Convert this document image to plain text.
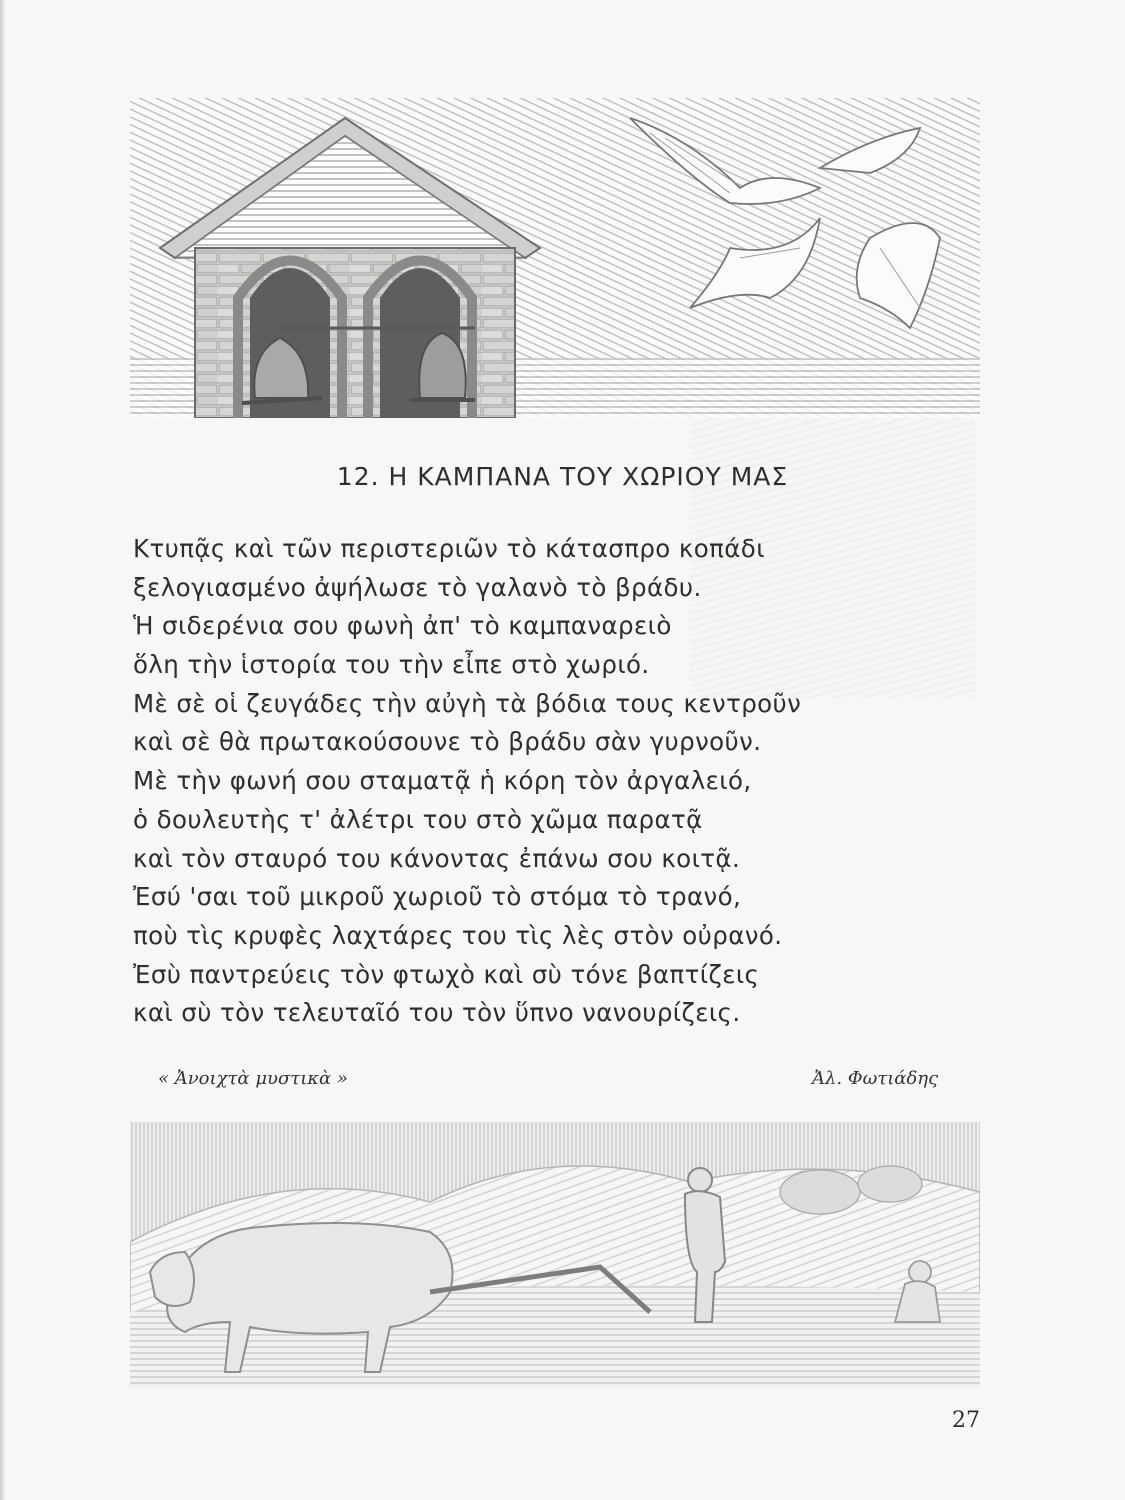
12. Η ΚΑΜΠΑΝΑ ΤΟΥ ΧΩΡΙΟΥ ΜΑΣ
Κτυπᾷς καὶ τῶν περιστεριῶν τὸ κάτασπρο κοπάδι
ξελογιασμένο ἀψήλωσε τὸ γαλανὸ τὸ βράδυ.
Ἡ σιδερένια σου φωνὴ ἀπ' τὸ καμπαναρειὸ
ὅλη τὴν ἱστορία του τὴν εἶπε στὸ χωριό.
Μὲ σὲ οἱ ζευγάδες τὴν αὐγὴ τὰ βόδια τους κεντροῦν
καὶ σὲ θὰ πρωτακούσουνε τὸ βράδυ σὰν γυρνοῦν.
Μὲ τὴν φωνή σου σταματᾷ ἡ κόρη τὸν ἀργαλειό,
ὁ δουλευτὴς τ' ἀλέτρι του στὸ χῶμα παρατᾷ
καὶ τὸν σταυρό του κάνοντας ἐπάνω σου κοιτᾷ.
Ἐσύ 'σαι τοῦ μικροῦ χωριοῦ τὸ στόμα τὸ τρανό,
ποὺ τὶς κρυφὲς λαχτάρες του τὶς λὲς στὸν οὐρανό.
Ἐσὺ παντρεύεις τὸν φτωχὸ καὶ σὺ τόνε βαπτίζεις
καὶ σὺ τὸν τελευταῖό του τὸν ὕπνο νανουρίζεις.
« Ἀνοιχτὰ μυστικὰ »	Ἀλ. Φωτιάδης
27
